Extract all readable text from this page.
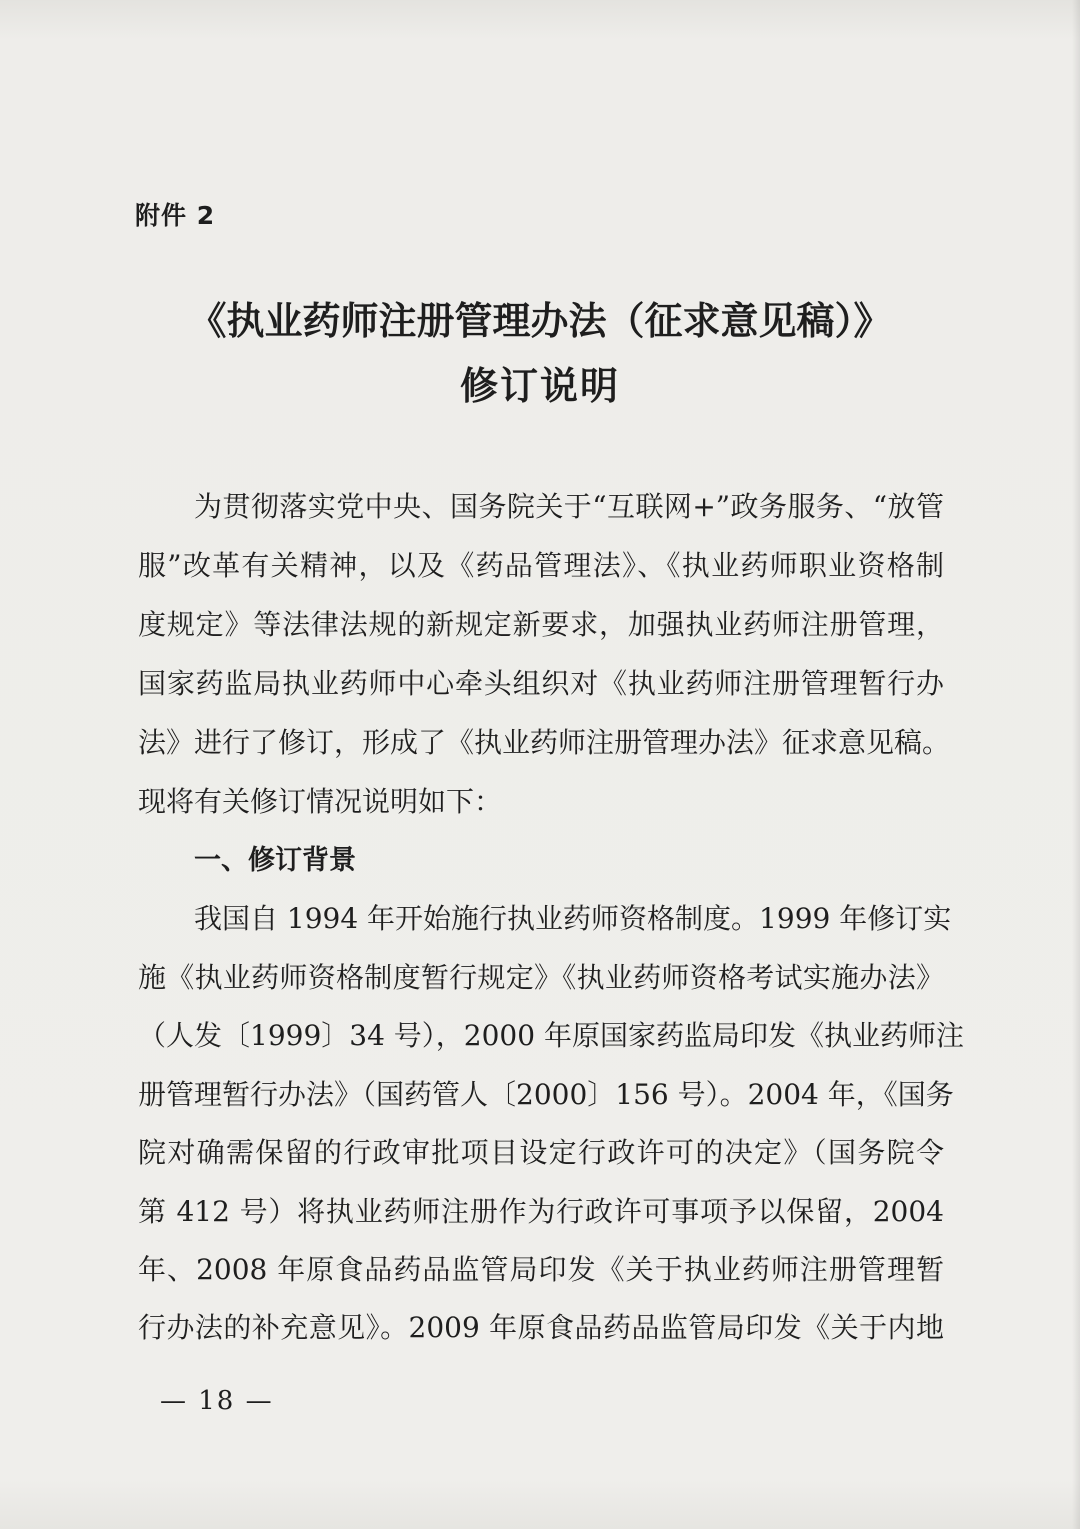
附件 2
《执业药师注册管理办法（征求意见稿）》
修订说明
为贯彻落实党中央、国务院关于“互联网+”政务服务、“放管
服”改革有关精神，以及《药品管理法》、《执业药师职业资格制
度规定》等法律法规的新规定新要求，加强执业药师注册管理，
国家药监局执业药师中心牵头组织对《执业药师注册管理暂行办
法》进行了修订，形成了《执业药师注册管理办法》征求意见稿。
现将有关修订情况说明如下：
一、修订背景
我国自 1994 年开始施行执业药师资格制度。1999 年修订实
施《执业药师资格制度暂行规定》《执业药师资格考试实施办法》
（人发〔1999〕34 号），2000 年原国家药监局印发《执业药师注
册管理暂行办法》（国药管人〔2000〕156 号）。2004 年，《国务
院对确需保留的行政审批项目设定行政许可的决定》（国务院令
第 412 号）将执业药师注册作为行政许可事项予以保留，2004
年、2008 年原食品药品监管局印发《关于执业药师注册管理暂
行办法的补充意见》。2009 年原食品药品监管局印发《关于内地
— 18 —
